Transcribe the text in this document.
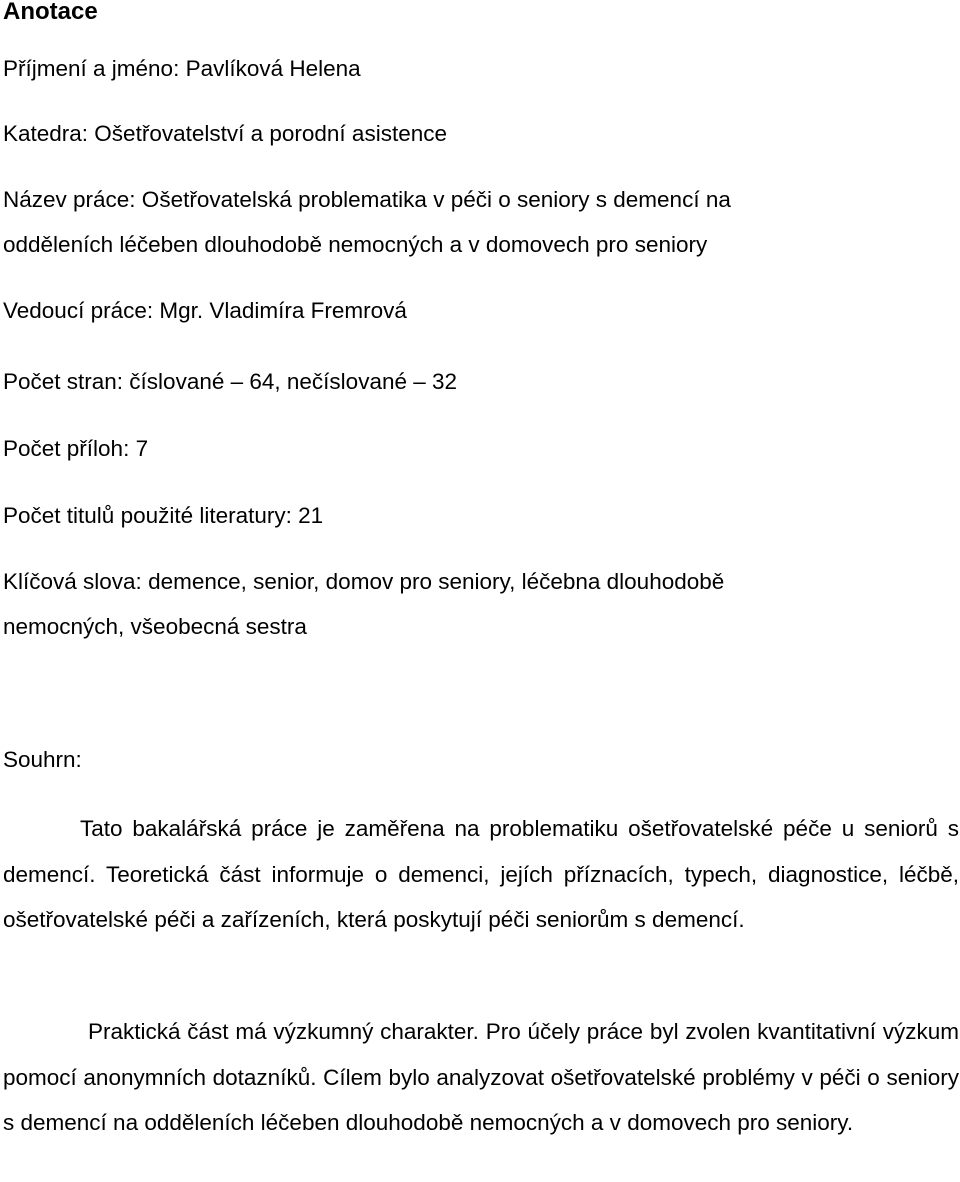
Anotace
Příjmení a jméno: Pavlíková Helena
Katedra: Ošetřovatelství a porodní asistence
Název práce: Ošetřovatelská problematika v péči o seniory s demencí na
odděleních léčeben dlouhodobě nemocných a v domovech pro seniory
Vedoucí práce: Mgr. Vladimíra Fremrová
Počet stran: číslované – 64, nečíslované – 32
Počet příloh: 7
Počet titulů použité literatury: 21
Klíčová slova: demence, senior, domov pro seniory, léčebna dlouhodobě
nemocných, všeobecná sestra
Souhrn:
Tato bakalářská práce je zaměřena na problematiku ošetřovatelské péče u seniorů s demencí. Teoretická část informuje o demenci, jejích příznacích, typech, diagnostice, léčbě, ošetřovatelské péči a zařízeních, která poskytují péči seniorům s demencí.
Praktická část má výzkumný charakter. Pro účely práce byl zvolen kvantitativní výzkum pomocí anonymních dotazníků. Cílem bylo analyzovat ošetřovatelské problémy v péči o seniory s demencí na odděleních léčeben dlouhodobě nemocných a v domovech pro seniory.
